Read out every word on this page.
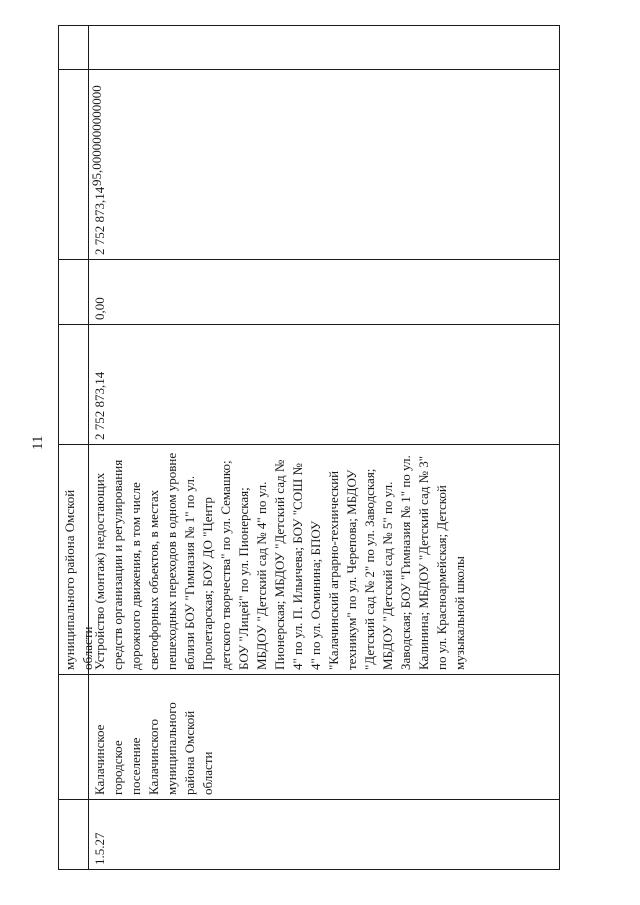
11
муниципального района Омской области
1.5.27
Калачинское городское поселение Калачинского муниципального района Омской области
Устройство (монтаж) недостающих средств организации и регулирования дорожного движения, в том числе светофорных объектов, в местах пешеходных переходов в одном уровне вблизи БОУ "Гимназия № 1" по ул. Пролетарская; БОУ ДО "Центр детского творчества" по ул. Семашко; БОУ "Лицей" по ул. Пионерская; МБДОУ "Детский сад № 4" по ул. Пионерская; МБДОУ "Детский сад № 4" по ул. П. Ильичева; БОУ "СОШ № 4" по ул. Осминина; БПОУ "Калачинский аграрно-технический техникум" по ул. Черепова; МБДОУ "Детский сад № 2" по ул. Заводская; МБДОУ "Детский сад № 5" по ул. Заводская; БОУ "Гимназия № 1" по ул. Калинина; МБДОУ "Детский сад № 3" по ул. Красноармейская; Детской музыкальной школы
2 752 873,14
0,00
2 752 873,14
95,0000000000000
